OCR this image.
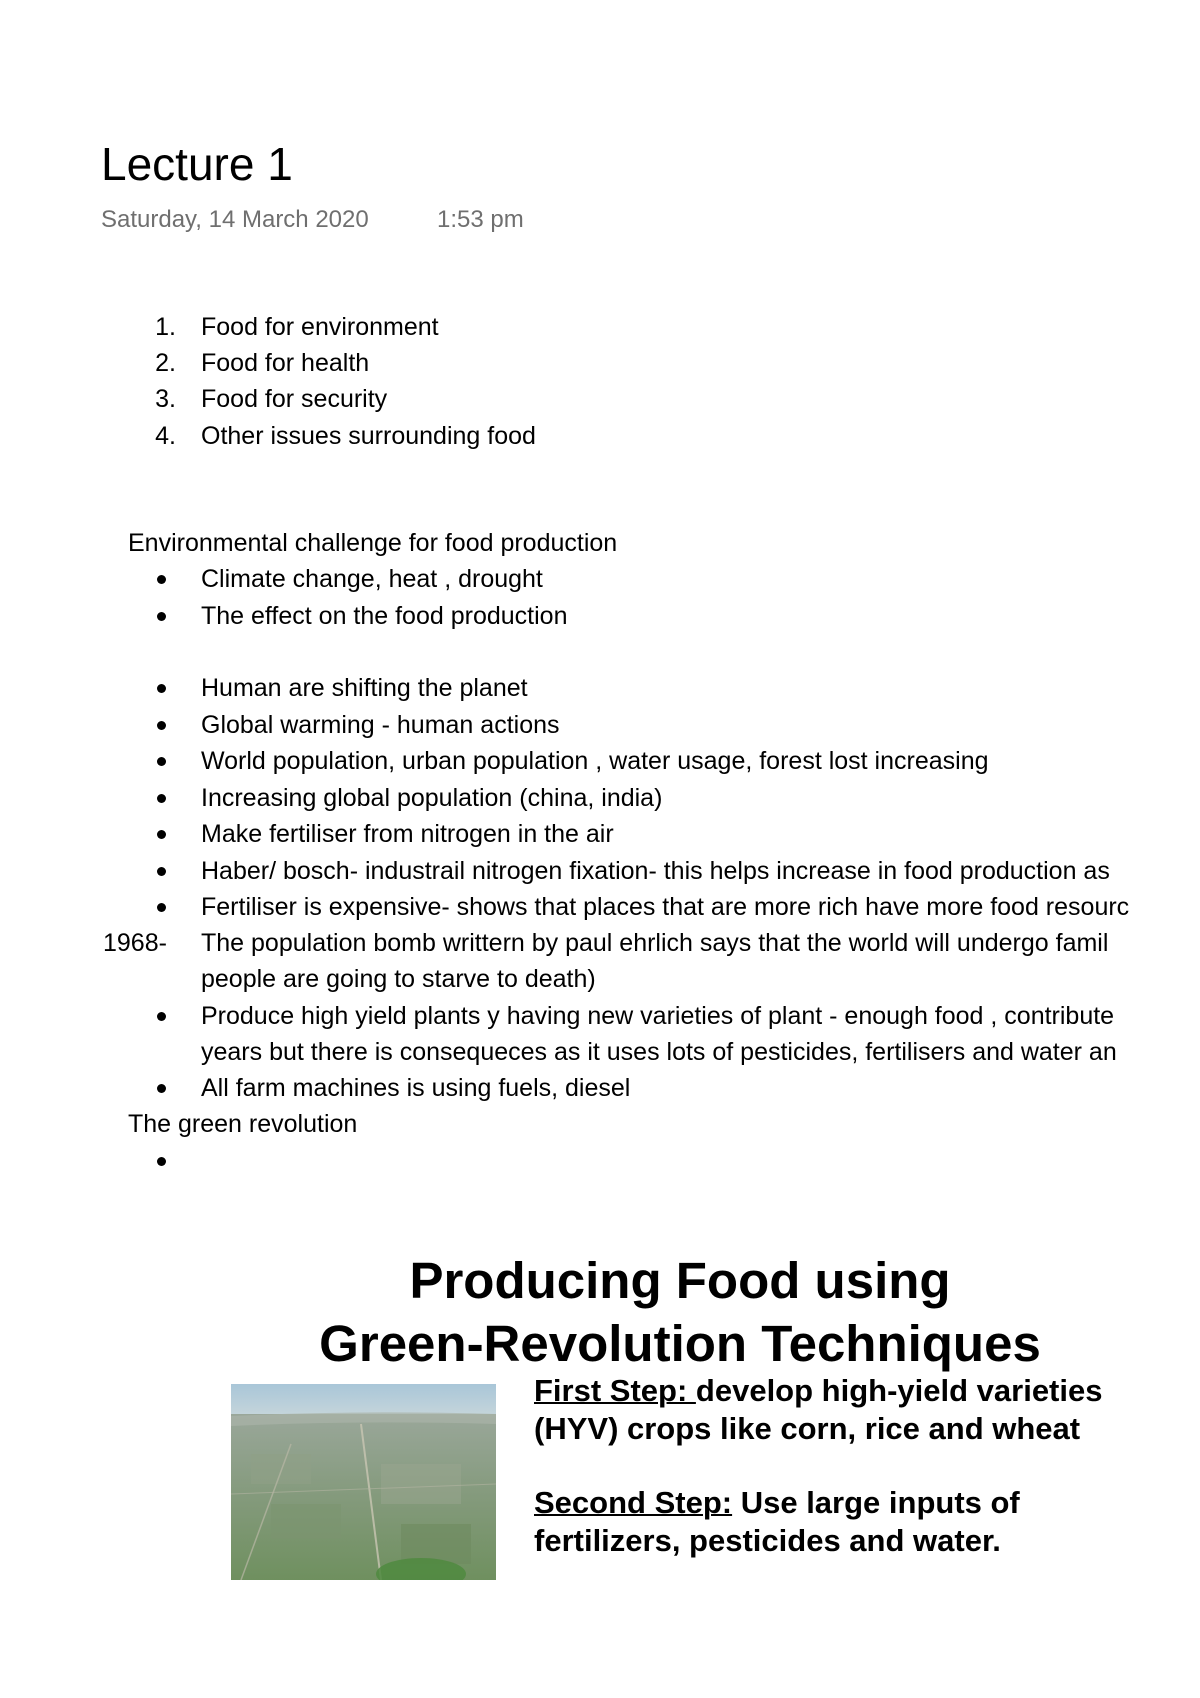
Lecture 1
Saturday, 14 March 2020	1:53 pm
1. Food for environment
2. Food for health
3. Food for security
4. Other issues surrounding food
Environmental challenge for food production
Climate change, heat , drought
The effect on the food production
Human are shifting the planet
Global warming - human actions
World population, urban population , water usage, forest lost increasing
Increasing global population (china, india)
Make fertiliser from nitrogen in the air
Haber/ bosch- industrail nitrogen fixation- this helps increase in food production as
Fertiliser is expensive- shows that places that are more rich have more food resourc
1968- The population bomb writtern by paul ehrlich says that the world will undergo famil
people are going to starve to death)
Produce high yield plants y having new varieties of plant - enough food , contribute
years but there is consequeces as it uses lots of pesticides, fertilisers and water an
All farm machines is using fuels, diesel
The green revolution
Producing Food using
Green-Revolution Techniques
First Step: develop high-yield varieties
(HYV) crops like corn, rice and wheat
Second Step: Use large inputs of
fertilizers, pesticides and water.
